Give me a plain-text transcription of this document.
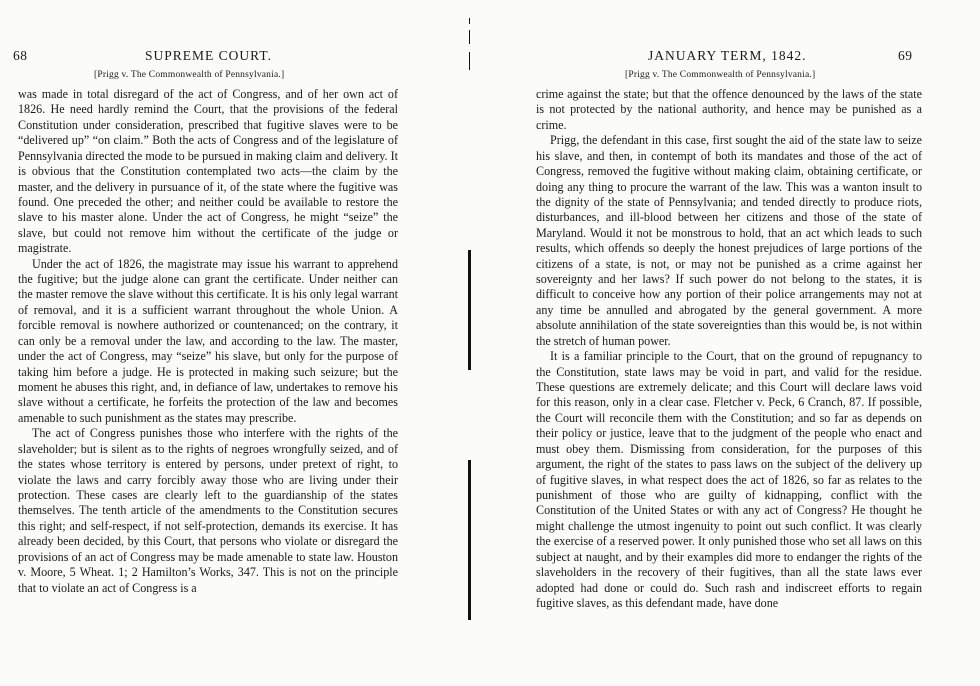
68	SUPREME COURT.
[Prigg v. The Commonwealth of Pennsylvania.]

was made in total disregard of the act of Congress, and of her own act of 1826. He need hardly remind the Court, that the provisions of the federal Constitution under consideration, prescribed that fugitive slaves were to be “delivered up” “on claim.” Both the acts of Congress and of the legislature of Pennsylvania directed the mode to be pursued in making claim and delivery. It is obvious that the Constitution contemplated two acts—the claim by the master, and the delivery in pursuance of it, of the state where the fugitive was found. One preceded the other; and neither could be available to restore the slave to his master alone. Under the act of Congress, he might “seize” the slave, but could not remove him without the certificate of the judge or magistrate.

Under the act of 1826, the magistrate may issue his warrant to apprehend the fugitive; but the judge alone can grant the certificate. Under neither can the master remove the slave without this certificate. It is his only legal warrant of removal, and it is a sufficient warrant throughout the whole Union. A forcible removal is nowhere authorized or countenanced; on the contrary, it can only be a removal under the law, and according to the law. The master, under the act of Congress, may “seize” his slave, but only for the purpose of taking him before a judge. He is protected in making such seizure; but the moment he abuses this right, and, in defiance of law, undertakes to remove his slave without a certificate, he forfeits the protection of the law and becomes amenable to such punishment as the states may prescribe.

The act of Congress punishes those who interfere with the rights of the slaveholder; but is silent as to the rights of negroes wrongfully seized, and of the states whose territory is entered by persons, under pretext of right, to violate the laws and carry forcibly away those who are living under their protection. These cases are clearly left to the guardianship of the states themselves. The tenth article of the amendments to the Constitution secures this right; and self-respect, if not self-protection, demands its exercise. It has already been decided, by this Court, that persons who violate or disregard the provisions of an act of Congress may be made amenable to state law. Houston v. Moore, 5 Wheat. 1; 2 Hamilton’s Works, 347. This is not on the principle that to violate an act of Congress is a

JANUARY TERM, 1842.	69
[Prigg v. The Commonwealth of Pennsylvania.]

crime against the state; but that the offence denounced by the laws of the state is not protected by the national authority, and hence may be punished as a crime.

Prigg, the defendant in this case, first sought the aid of the state law to seize his slave, and then, in contempt of both its mandates and those of the act of Congress, removed the fugitive without making claim, obtaining certificate, or doing any thing to procure the warrant of the law. This was a wanton insult to the dignity of the state of Pennsylvania; and tended directly to produce riots, disturbances, and ill-blood between her citizens and those of the state of Maryland. Would it not be monstrous to hold, that an act which leads to such results, which offends so deeply the honest prejudices of large portions of the citizens of a state, is not, or may not be punished as a crime against her sovereignty and her laws? If such power do not belong to the states, it is difficult to conceive how any portion of their police arrangements may not at any time be annulled and abrogated by the general government. A more absolute annihilation of the state sovereignties than this would be, is not within the stretch of human power.

It is a familiar principle to the Court, that on the ground of repugnancy to the Constitution, state laws may be void in part, and valid for the residue. These questions are extremely delicate; and this Court will declare laws void for this reason, only in a clear case. Fletcher v. Peck, 6 Cranch, 87. If possible, the Court will reconcile them with the Constitution; and so far as depends on their policy or justice, leave that to the judgment of the people who enact and must obey them. Dismissing from consideration, for the purposes of this argument, the right of the states to pass laws on the subject of the delivery up of fugitive slaves, in what respect does the act of 1826, so far as relates to the punishment of those who are guilty of kidnapping, conflict with the Constitution of the United States or with any act of Congress? He thought he might challenge the utmost ingenuity to point out such conflict. It was clearly the exercise of a reserved power. It only punished those who set all laws on this subject at naught, and by their examples did more to endanger the rights of the slaveholders in the recovery of their fugitives, than all the state laws ever adopted had done or could do. Such rash and indiscreet efforts to regain fugitive slaves, as this defendant made, have done
